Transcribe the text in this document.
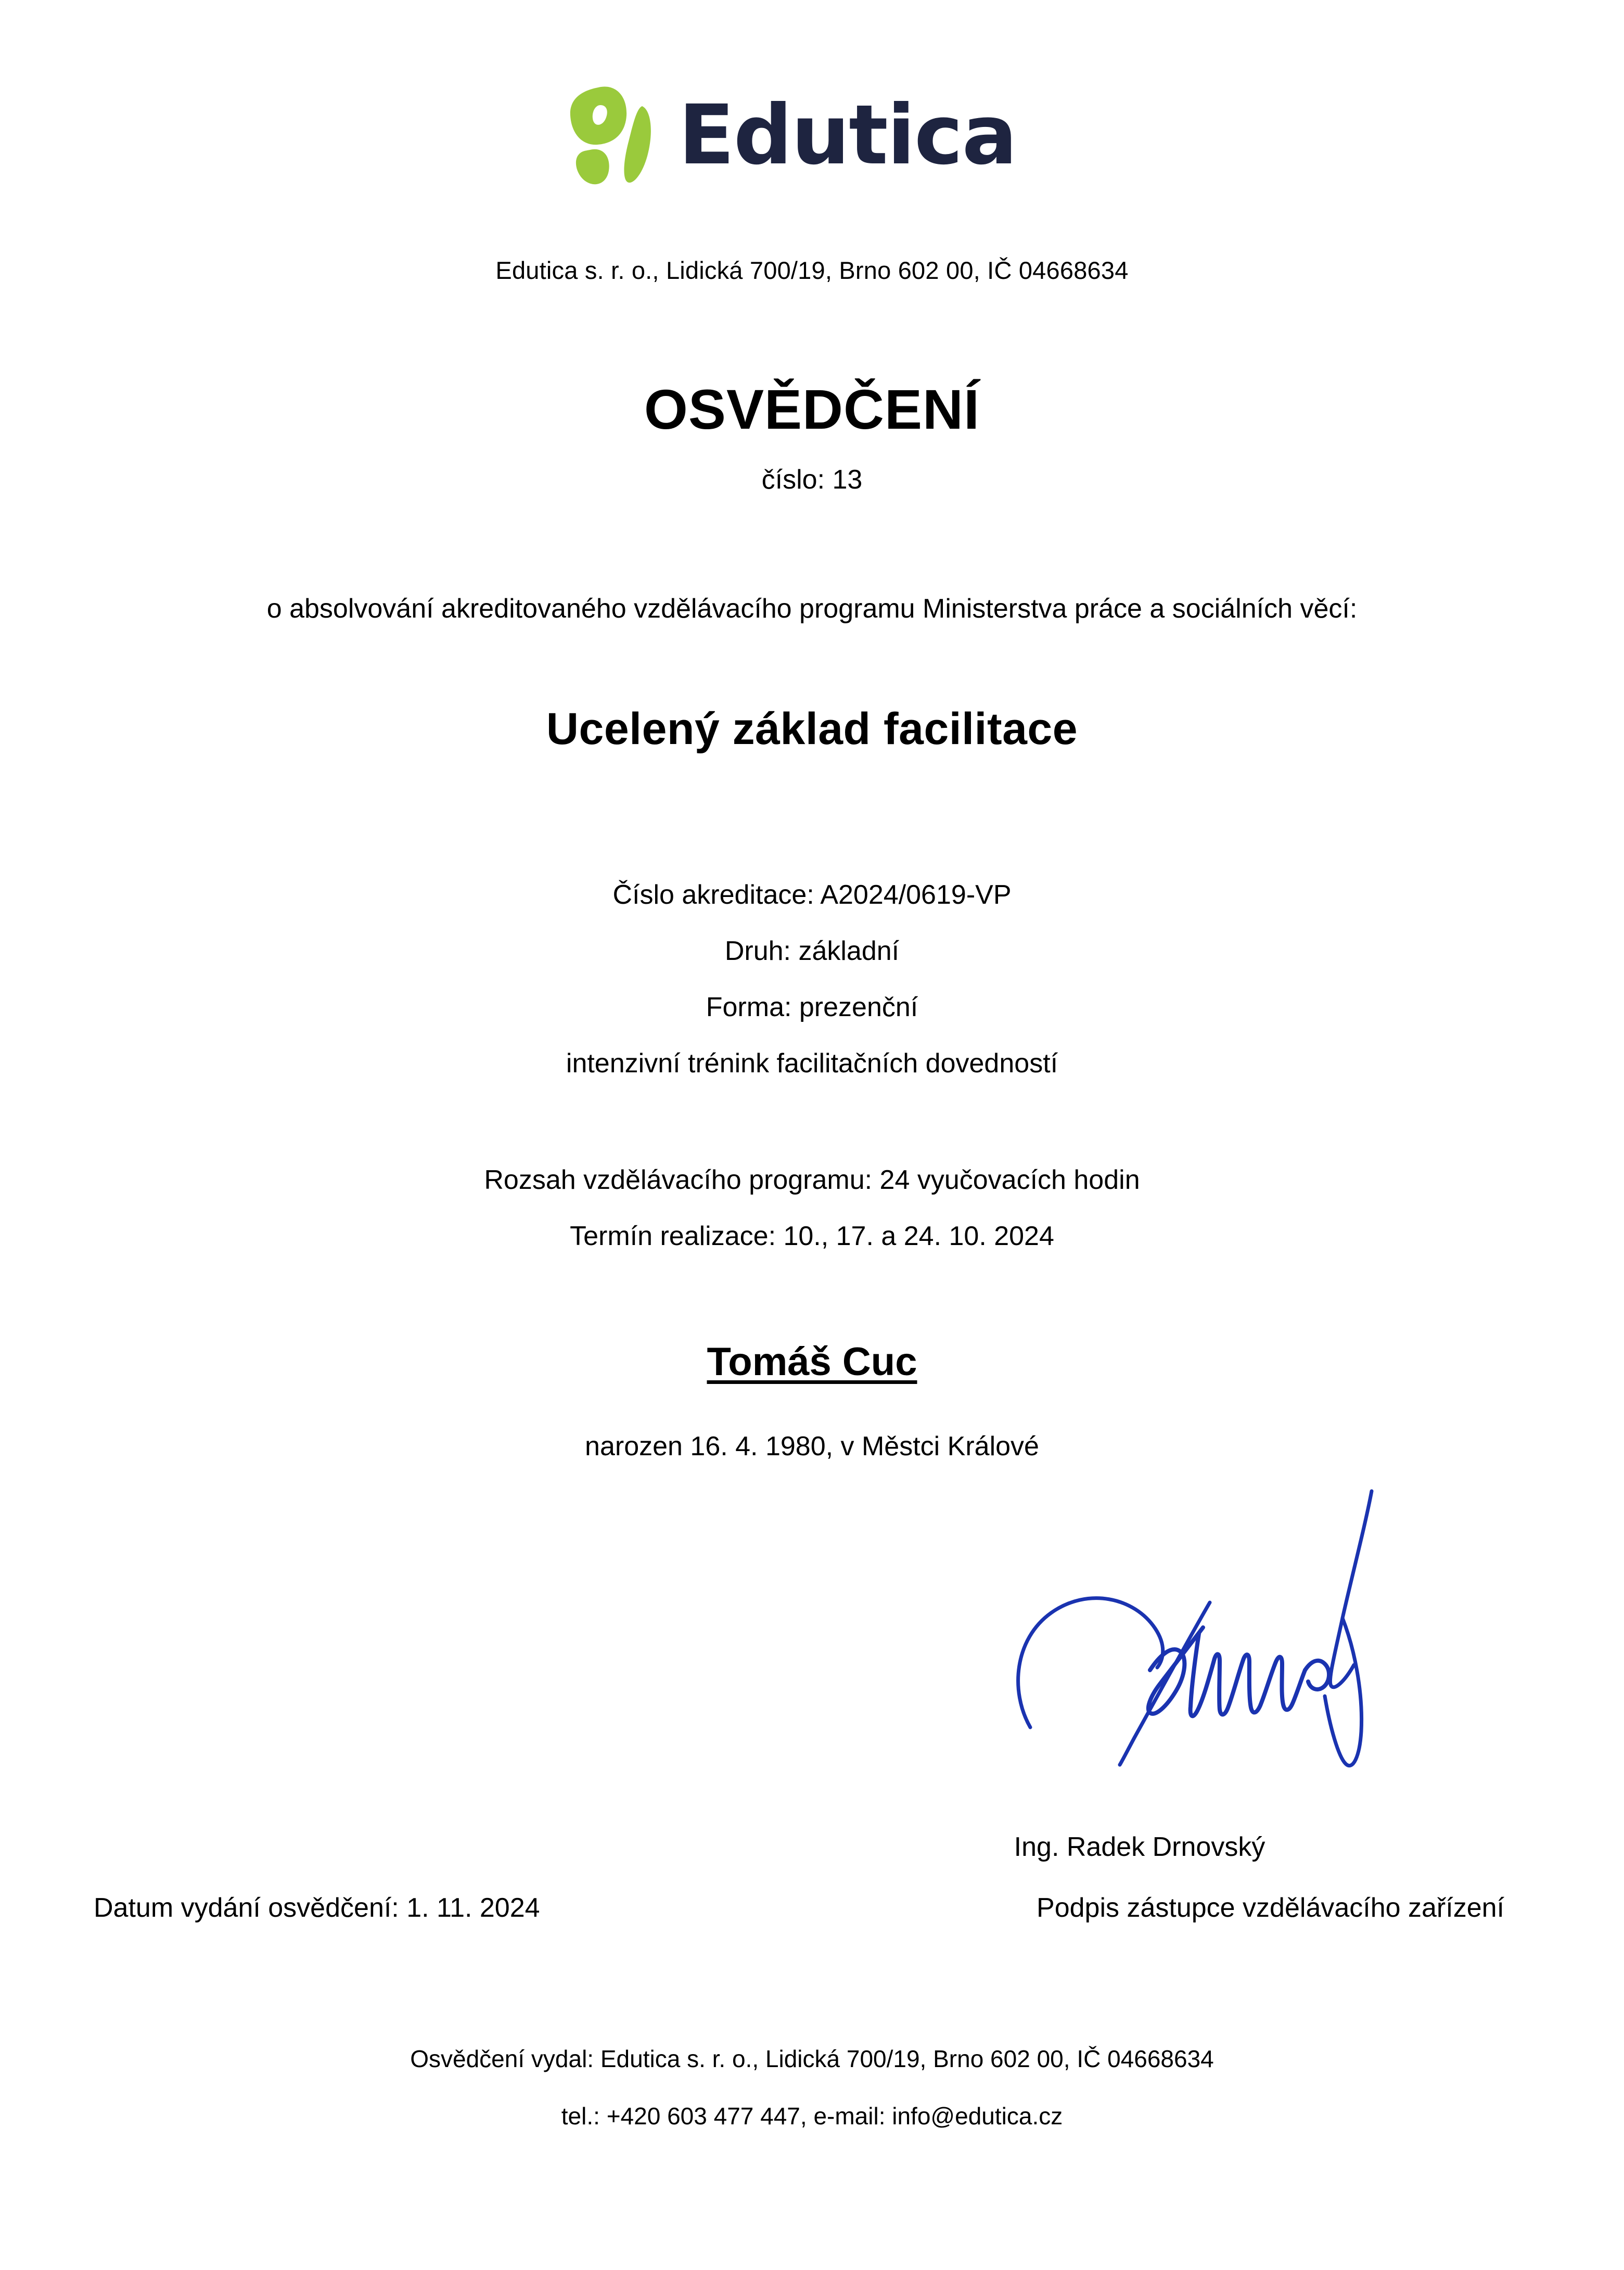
Edutica
Edutica s. r. o., Lidická 700/19, Brno 602 00, IČ 04668634
OSVĚDČENÍ
číslo: 13
o absolvování akreditovaného vzdělávacího programu Ministerstva práce a sociálních věcí:
Ucelený základ facilitace
Číslo akreditace: A2024/0619-VP
Druh: základní
Forma: prezenční
intenzivní trénink facilitačních dovedností
Rozsah vzdělávacího programu: 24 vyučovacích hodin
Termín realizace: 10., 17. a 24. 10. 2024
Tomáš Cuc
narozen 16. 4. 1980, v Městci Králové
Ing. Radek Drnovský
Datum vydání osvědčení: 1. 11. 2024	Podpis zástupce vzdělávacího zařízení
Osvědčení vydal: Edutica s. r. o., Lidická 700/19, Brno 602 00, IČ 04668634
tel.: +420 603 477 447, e-mail: info@edutica.cz
